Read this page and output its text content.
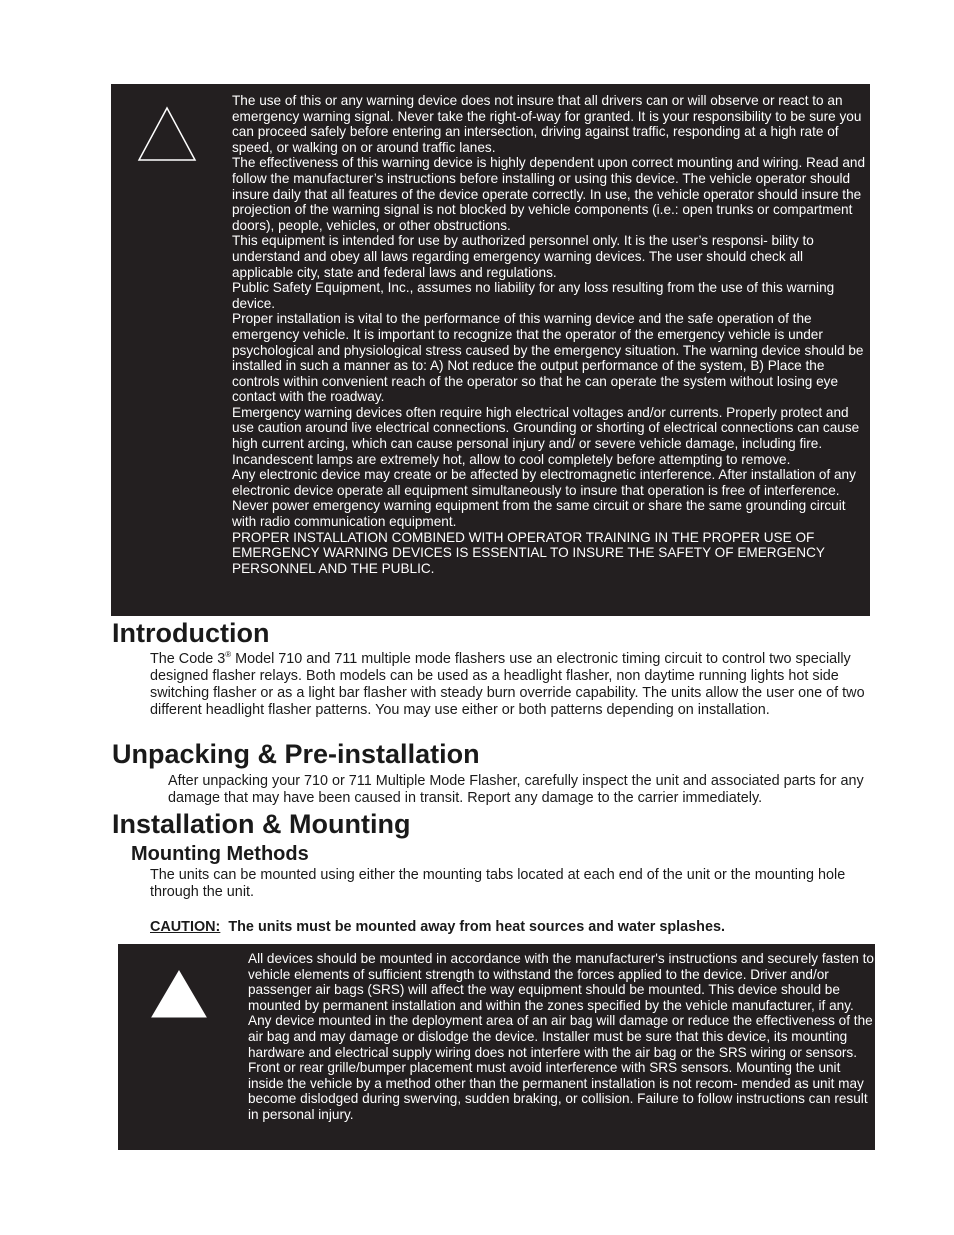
The use of this or any warning device does not insure that all drivers can or will observe or react to an emergency warning signal. Never take the right-of-way for granted. It is your responsibility to be sure you can proceed safely before entering an intersection, driving against traffic, responding at a high rate of speed, or walking on or around traffic lanes.

The effectiveness of this warning device is highly dependent upon correct mounting and wiring. Read and follow the manufacturer’s instructions before installing or using this device. The vehicle operator should insure daily that all features of the device operate correctly. In use, the vehicle operator should insure the projection of the warning signal is not blocked by vehicle components (i.e.: open trunks or compartment doors), people, vehicles, or other obstructions.

This equipment is intended for use by authorized personnel only. It is the user’s responsi- bility to understand and obey all laws regarding emergency warning devices. The user should check all applicable city, state and federal laws and regulations.

Public Safety Equipment, Inc., assumes no liability for any loss resulting from the use of this warning device.

Proper installation is vital to the performance of this warning device and the safe operation of the emergency vehicle. It is important to recognize that the operator of the emergency vehicle is under psychological and physiological stress caused by the emergency situation. The warning device should be installed in such a manner as to: A) Not reduce the output performance of the system, B) Place the controls within convenient reach of the operator so that he can operate the system without losing eye contact with the roadway.

Emergency warning devices often require high electrical voltages and/or currents. Properly protect and use caution around live electrical connections. Grounding or shorting of electrical connections can cause high current arcing, which can cause personal injury and/ or severe vehicle damage, including fire. Incandescent lamps are extremely hot, allow to cool completely before attempting to remove.

Any electronic device may create or be affected by electromagnetic interference. After installation of any electronic device operate all equipment simultaneously to insure that operation is free of interference. Never power emergency warning equipment from the same circuit or share the same grounding circuit with radio communication equipment.

PROPER INSTALLATION COMBINED WITH OPERATOR TRAINING IN THE PROPER USE OF EMERGENCY WARNING DEVICES IS ESSENTIAL TO INSURE THE SAFETY OF EMERGENCY PERSONNEL AND THE PUBLIC.

Introduction

The Code 3® Model 710 and 711 multiple mode flashers use an electronic timing circuit to control two specially designed flasher relays. Both models can be used as a headlight flasher, non daytime running lights hot side switching flasher or as a light bar flasher with steady burn override capability. The units allow the user one of two different headlight flasher patterns. You may use either or both patterns depending on installation.

Unpacking & Pre-installation

After unpacking your 710 or 711 Multiple Mode Flasher, carefully inspect the unit and associated parts for any damage that may have been caused in transit. Report any damage to the carrier immediately.

Installation & Mounting
Mounting Methods

The units can be mounted using either the mounting tabs located at each end of the unit or the mounting hole through the unit.

CAUTION:  The units must be mounted away from heat sources and water splashes.

All devices should be mounted in accordance with the manufacturer's instructions and securely fasten to vehicle elements of sufficient strength to withstand the forces applied to the device. Driver and/or passenger air bags (SRS) will affect the way equipment should be mounted. This device should be mounted by permanent installation and within the zones specified by the vehicle manufacturer, if any. Any device mounted in the deployment area of an air bag will damage or reduce the effectiveness of the air bag and may damage or dislodge the device. Installer must be sure that this device, its mounting hardware and electrical supply wiring does not interfere with the air bag or the SRS wiring or sensors. Front or rear grille/bumper placement must avoid interference with SRS sensors. Mounting the unit inside the vehicle by a method other than the permanent installation is not recom- mended as unit may become dislodged during swerving, sudden braking, or collision. Failure to follow instructions can result in personal injury.
